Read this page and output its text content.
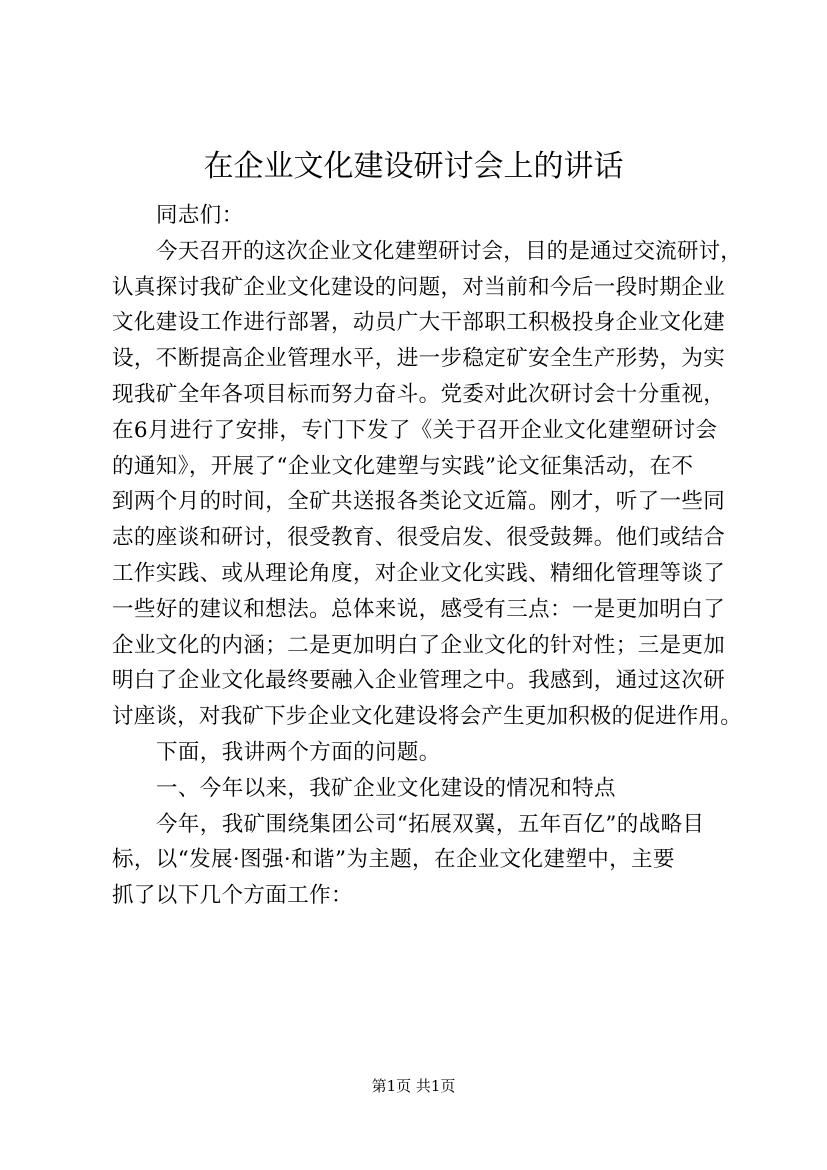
在企业文化建设研讨会上的讲话
同志们：
今天召开的这次企业文化建塑研讨会，目的是通过交流研讨，
认真探讨我矿企业文化建设的问题，对当前和今后一段时期企业
文化建设工作进行部署，动员广大干部职工积极投身企业文化建
设，不断提高企业管理水平，进一步稳定矿安全生产形势，为实
现我矿全年各项目标而努力奋斗。党委对此次研讨会十分重视，
在6月进行了安排，专门下发了《关于召开企业文化建塑研讨会
的通知》，开展了“企业文化建塑与实践”论文征集活动，在不
到两个月的时间，全矿共送报各类论文近篇。刚才，听了一些同
志的座谈和研讨，很受教育、很受启发、很受鼓舞。他们或结合
工作实践、或从理论角度，对企业文化实践、精细化管理等谈了
一些好的建议和想法。总体来说，感受有三点：一是更加明白了
企业文化的内涵；二是更加明白了企业文化的针对性；三是更加
明白了企业文化最终要融入企业管理之中。我感到，通过这次研
讨座谈，对我矿下步企业文化建设将会产生更加积极的促进作用。
下面，我讲两个方面的问题。
一、今年以来，我矿企业文化建设的情况和特点
今年，我矿围绕集团公司“拓展双翼，五年百亿”的战略目
标，以“发展·图强·和谐”为主题，在企业文化建塑中，主要
抓了以下几个方面工作：
第1页 共1页
